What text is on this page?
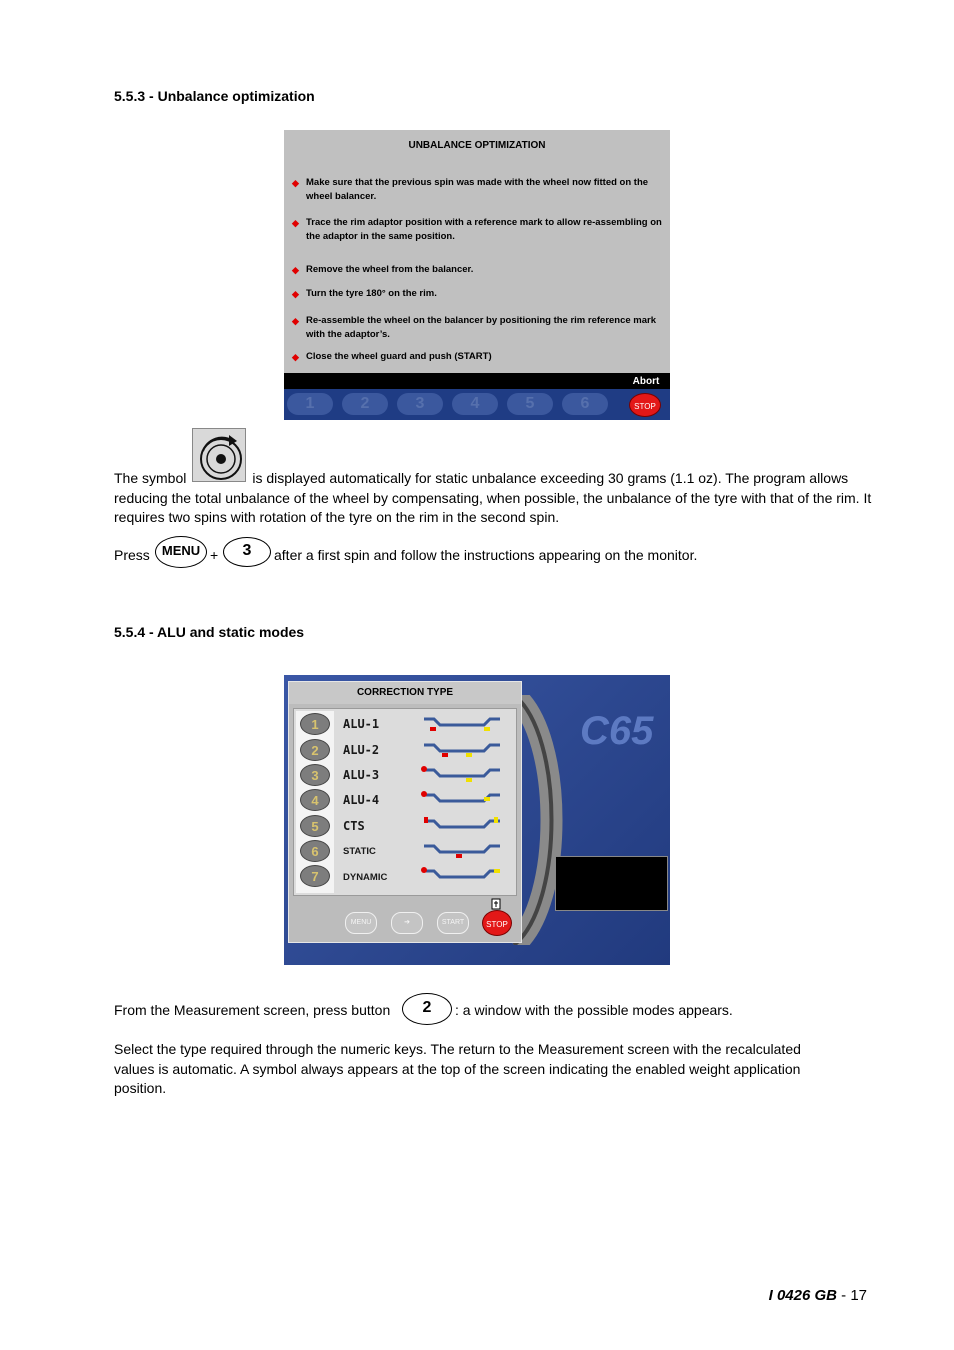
5.5.3 - Unbalance optimization
UNBALANCE OPTIMIZATION
◆ Make sure that the previous spin was made with the wheel now fitted on the wheel balancer.
◆ Trace the rim adaptor position with a reference mark to allow re-assembling on the adaptor in the same position.
◆ Remove the wheel from the balancer.
◆ Turn the tyre 180° on the rim.
◆ Re-assemble the wheel on the balancer by positioning the rim reference mark with the adaptor’s.
◆ Close the wheel guard and push (START)
Abort
1	2	3	4	5	6	STOP
The symbol	is displayed automatically for static unbalance exceeding 30 grams (1.1 oz). The program allows reducing the total unbalance of the wheel by compensating, when possible, the unbalance of the tyre with that of the rim. It requires two spins with rotation of the tyre on the rim in the second spin.
Press MENU +	3	after a first spin and follow the instructions appearing on the monitor.
5.5.4 - ALU and static modes
C65
CORRECTION TYPE
1	ALU-1
2	ALU-2
3	ALU-3
4	ALU-4
5	CTS
6	STATIC
7	DYNAMIC
MENU	➔	START	STOP
From the Measurement screen, press button	2	: a window with the possible modes appears.
Select the type required through the numeric keys. The return to the Measurement screen with the recalculated values is automatic. A symbol always appears at the top of the screen indicating the enabled weight application position.
I 0426 GB - 17
